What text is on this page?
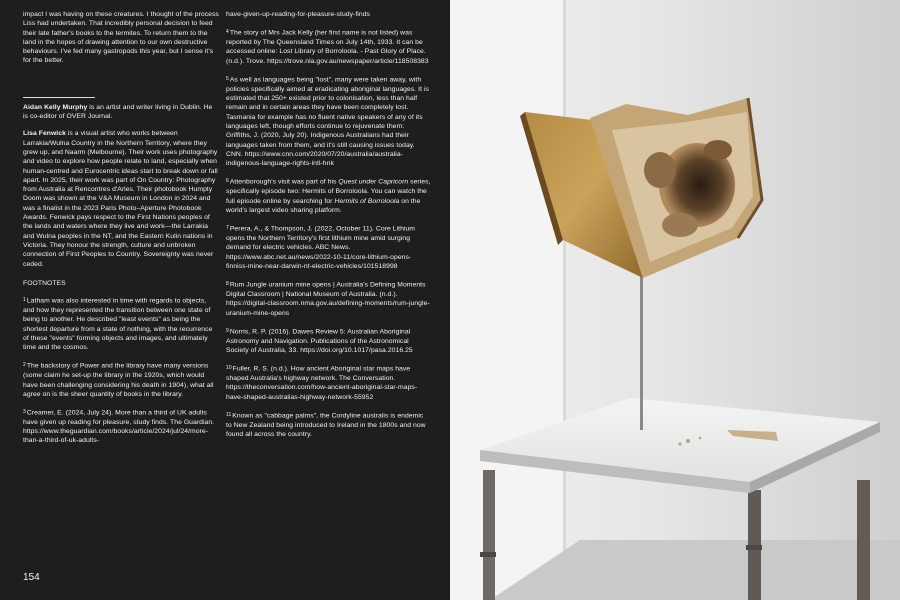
impact I was having on these creatures. I thought of the process Liss had undertaken. That incredibly personal decision to feed their late father's books to the termites. To return them to the land in the hopes of drawing attention to our own destructive behaviours. I've fed many gastropods this year, but I sense it's for the better.

Aidan Kelly Murphy is an artist and writer living in Dublin. He is co-editor of OVER Journal.

Lisa Fenwick is a visual artist who works between Larrakia/Wulna Country in the Northern Territory, where they grew up, and Naarm (Melbourne). Their work uses photography and video to explore how people relate to land, especially when human-centred and Eurocentric ideas start to break down or fall apart. In 2025, their work was part of On Country: Photography from Australia at Rencontres d'Arles. Their photobook Humpty Doom was shown at the V&A Museum in London in 2024 and was a finalist in the 2023 Paris Photo–Aperture Photobook Awards. Fenwick pays respect to the First Nations peoples of the lands and waters where they live and work—the Larrakia and Wulna peoples in the NT, and the Eastern Kulin nations in Victoria. They honour the strength, culture and unbroken connection of First Peoples to Country. Sovereignty was never ceded.

FOOTNOTES

$^1$Latham was also interested in time with regards to objects, and how they represented the transition between one state of being to another. He described "least events" as being the shortest departure from a state of nothing, with the recurrence of these "events" forming objects and images, and ultimately time and the cosmos.

$^2$The backstory of Power and the library have many versions (some claim he set-up the library in the 1920s, which would have been challenging considering his death in 1904), what all agree on is the sheer quantity of books in the library.

$^3$Creamer, E. (2024, July 24). More than a third of UK adults have given up reading for pleasure, study finds. The Guardian. https://www.theguardian.com/books/article/2024/jul/24/more-than-a-third-of-uk-adults-

have-given-up-reading-for-pleasure-study-finds

$^4$The story of Mrs Jack Kelly (her first name is not listed) was reported by The Queensland Times on July 14th, 1933. It can be accessed online: Lost Library of Borroloola. - Past Glory of Place. (n.d.). Trove. https://trove.nla.gov.au/newspaper/article/118508383

$^5$As well as languages being "lost", many were taken away, with policies specifically aimed at eradicating aboriginal languages. It is estimated that 250+ existed prior to colonisation, less than half remain and in certain areas they have been completely lost. Tasmania for example has no fluent native speakers of any of its languages left, though efforts continue to rejuvenate them: Griffiths, J. (2020, July 20). Indigenous Australians had their languages taken from them, and it's still causing issues today. CNN. https://www.cnn.com/2020/07/20/australia/australia-indigenous-language-rights-intl-hnk

$^6$Attenborough's visit was part of his Quest under Capricorn series, specifically episode two: Hermits of Borroloola. You can watch the full episode online by searching for Hermits of Borroloola on the world's largest video sharing platform.

$^7$Perera, A., & Thompson, J. (2022, October 11). Core Lithium opens the Northern Territory's first lithium mine amid surging demand for electric vehicles. ABC News. https://www.abc.net.au/news/2022-10-11/core-lithium-opens-finniss-mine-near-darwin-nt-electric-vehicles/101518998

$^8$Rum Jungle uranium mine opens | Australia's Defining Moments Digital Classroom | National Museum of Australia. (n.d.). https://digital-classroom.nma.gov.au/defining-moments/rum-jungle-uranium-mine-opens

$^9$Norris, R. P. (2016). Dawes Review 5: Australian Aboriginal Astronomy and Navigation. Publications of the Astronomical Society of Australia, 33. https://doi.org/10.1017/pasa.2016.25

$^{10}$Fuller, R. S. (n.d.). How ancient Aboriginal star maps have shaped Australia's highway network. The Conversation. https://theconversation.com/how-ancient-aboriginal-star-maps-have-shaped-australias-highway-network-55952

$^{11}$Known as "cabbage palms", the Cordyline australis is endemic to New Zealand being introduced to Ireland in the 1800s and now found all across the country.

154
